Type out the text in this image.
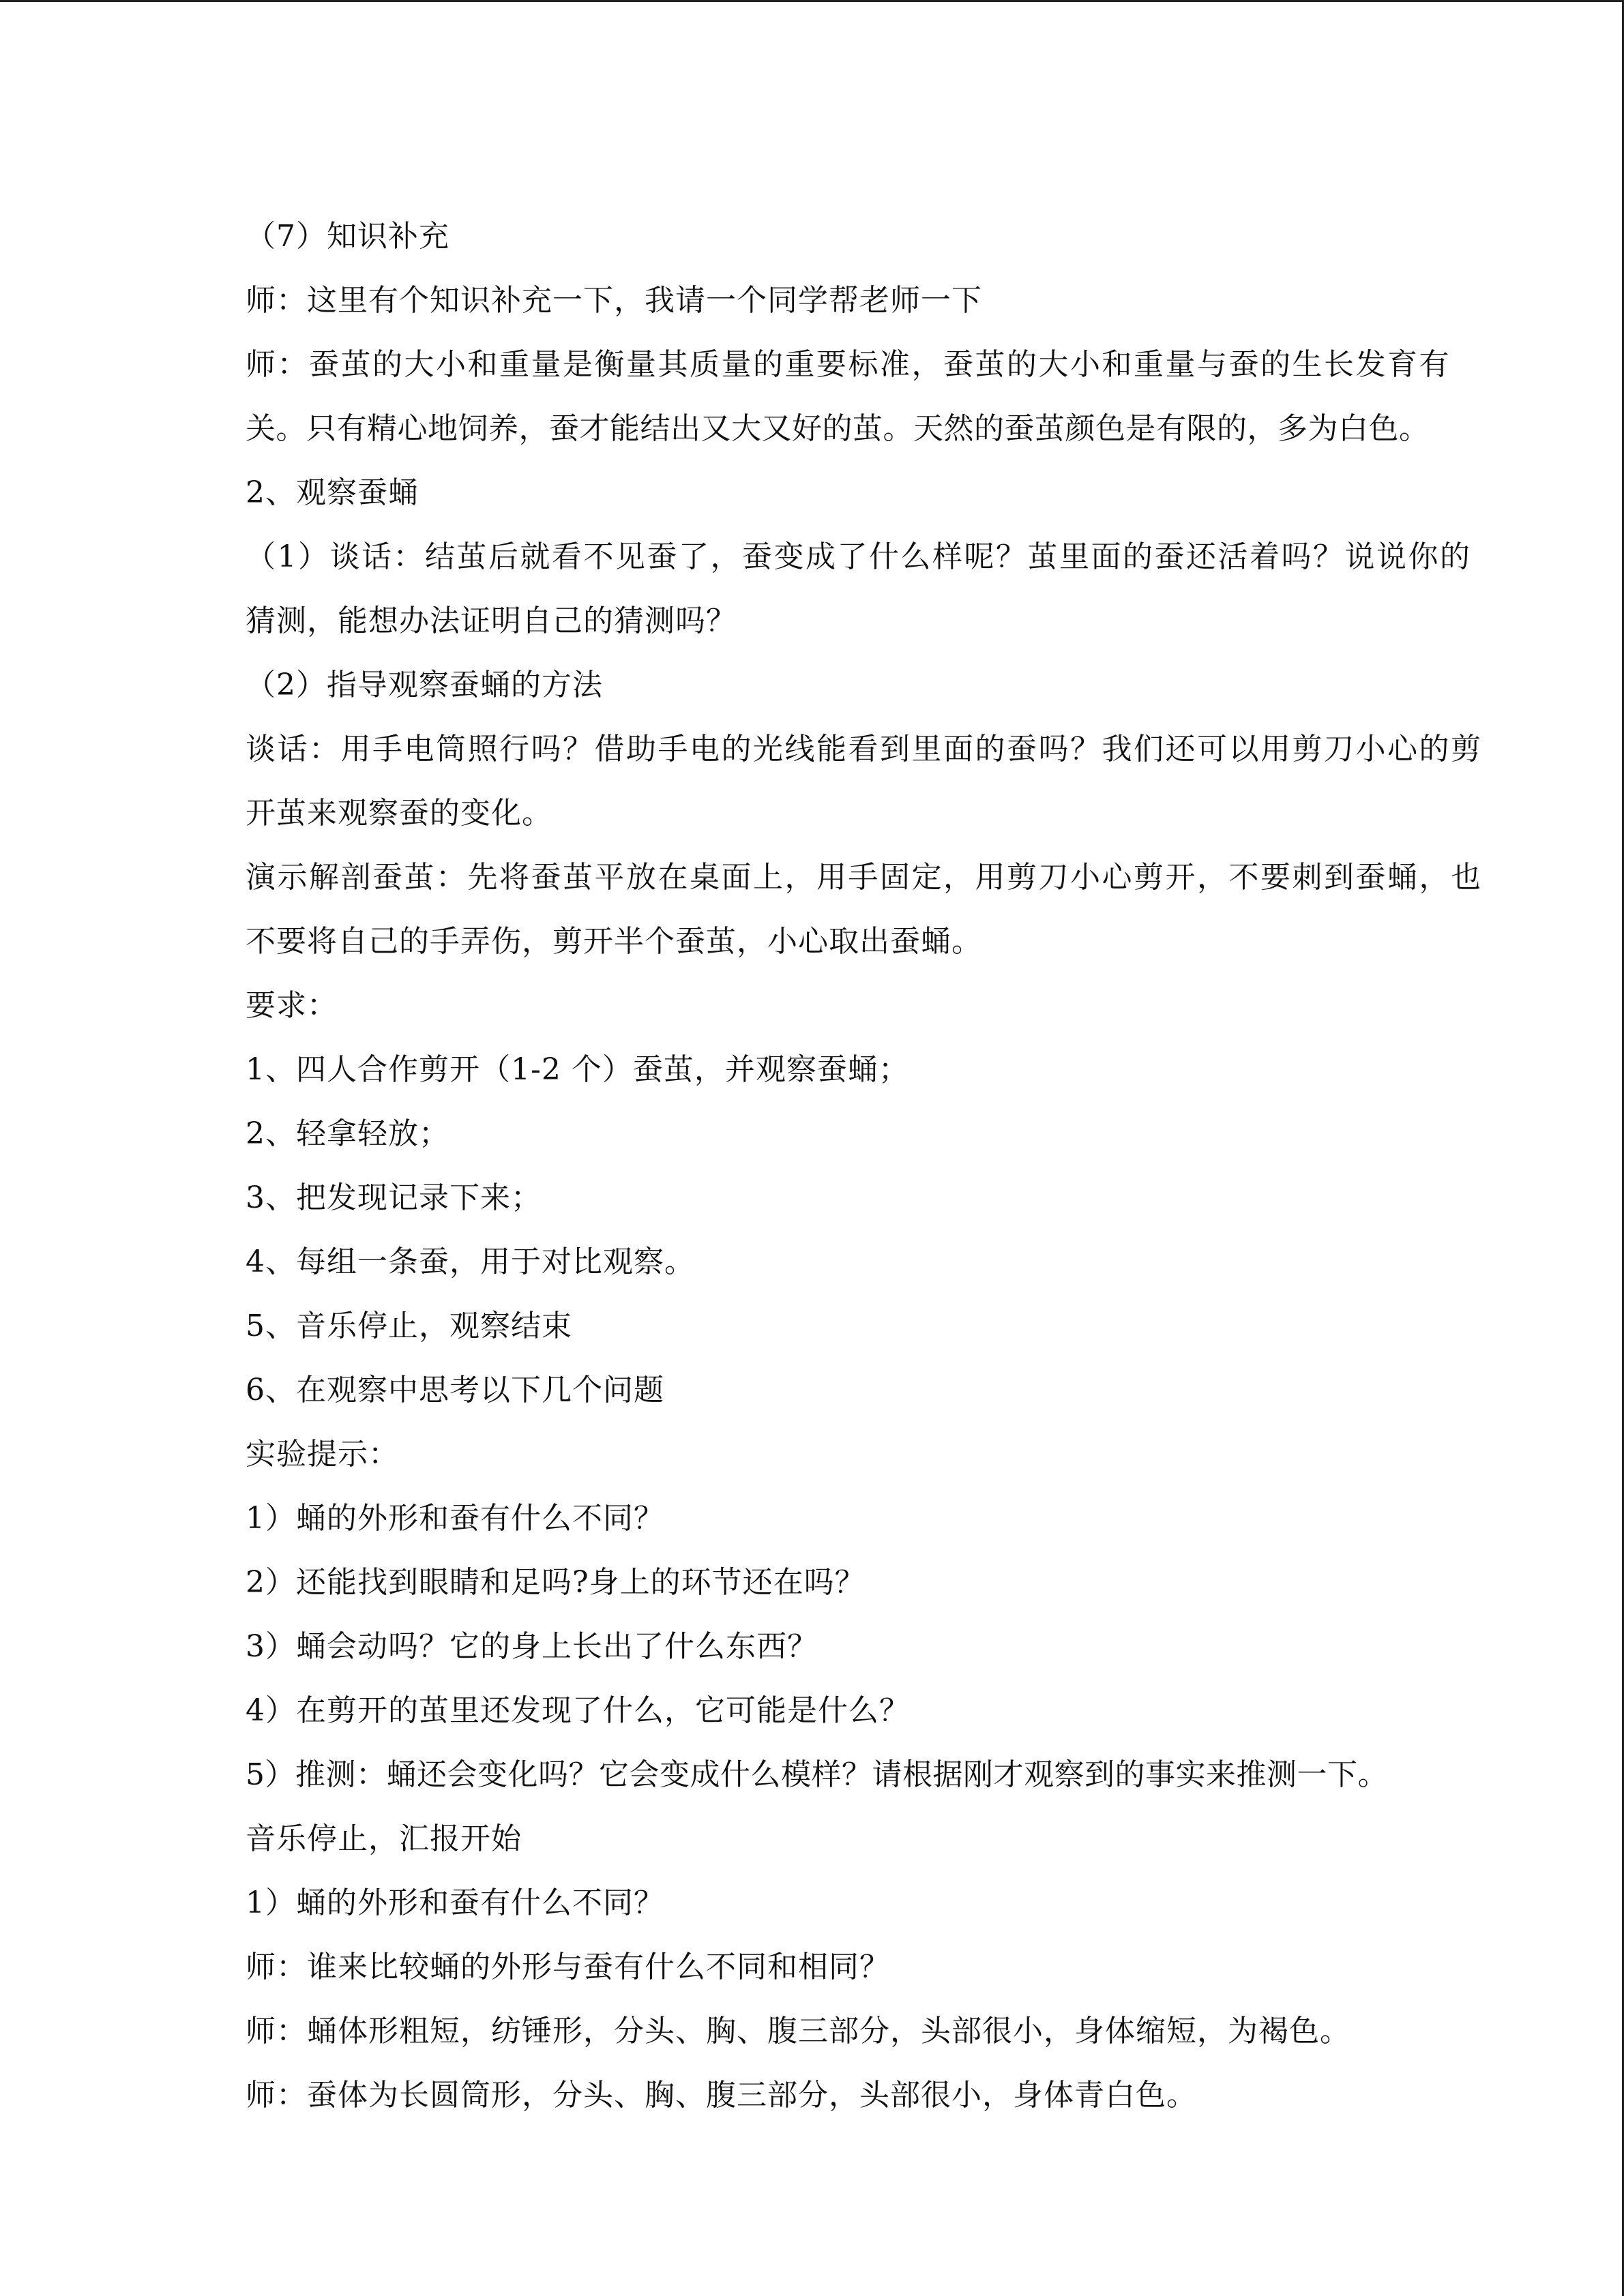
（7）知识补充
师：这里有个知识补充一下，我请一个同学帮老师一下
师：蚕茧的大小和重量是衡量其质量的重要标准，蚕茧的大小和重量与蚕的生长发育有
关。只有精心地饲养，蚕才能结出又大又好的茧。天然的蚕茧颜色是有限的，多为白色。
2、观察蚕蛹
（1）谈话：结茧后就看不见蚕了，蚕变成了什么样呢？茧里面的蚕还活着吗？说说你的
猜测，能想办法证明自己的猜测吗？
（2）指导观察蚕蛹的方法
谈话：用手电筒照行吗？借助手电的光线能看到里面的蚕吗？我们还可以用剪刀小心的剪
开茧来观察蚕的变化。
演示解剖蚕茧：先将蚕茧平放在桌面上，用手固定，用剪刀小心剪开，不要刺到蚕蛹，也
不要将自己的手弄伤，剪开半个蚕茧，小心取出蚕蛹。
要求：
1、四人合作剪开（1-2 个）蚕茧，并观察蚕蛹；
2、轻拿轻放；
3、把发现记录下来；
4、每组一条蚕，用于对比观察。
5、音乐停止，观察结束
6、在观察中思考以下几个问题
实验提示：
1）蛹的外形和蚕有什么不同？
2）还能找到眼睛和足吗?身上的环节还在吗？
3）蛹会动吗？它的身上长出了什么东西？
4）在剪开的茧里还发现了什么，它可能是什么？
5）推测：蛹还会变化吗？它会变成什么模样？请根据刚才观察到的事实来推测一下。
音乐停止，汇报开始
1）蛹的外形和蚕有什么不同？
师：谁来比较蛹的外形与蚕有什么不同和相同？
师：蛹体形粗短，纺锤形，分头、胸、腹三部分，头部很小，身体缩短，为褐色。
师：蚕体为长圆筒形，分头、胸、腹三部分，头部很小，身体青白色。
